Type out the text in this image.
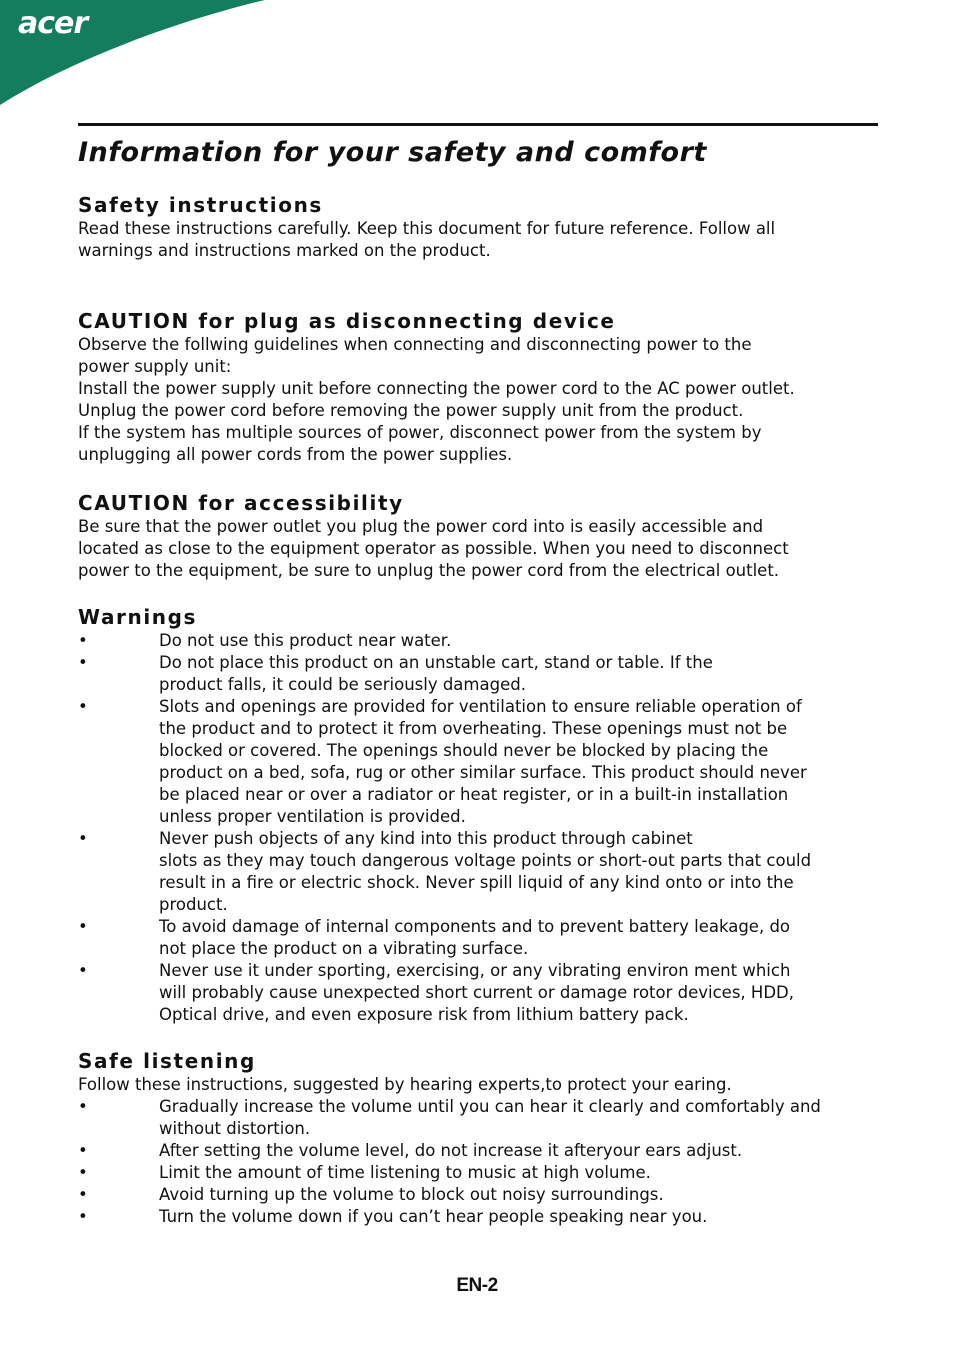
acer
Information for your safety and comfort
Safety instructions

Read these instructions carefully. Keep this document for future reference. Follow all

warnings and instructions marked on the product.

CAUTION for plug as disconnecting device

Observe the follwing guidelines when connecting and disconnecting power to the

power supply unit:

Install the power supply unit before connecting the power cord to the AC power outlet.

Unplug the power cord before removing the power supply unit from the product.

If the system has multiple sources of power, disconnect power from the system by

unplugging all power cords from the power supplies.

CAUTION for accessibility

Be sure that the power outlet you plug the power cord into is easily accessible and

located as close to the equipment operator as possible. When you need to disconnect

power to the equipment, be sure to unplug the power cord from the electrical outlet.

Warnings
•	Do not use this product near water.
•	Do not place this product on an unstable cart, stand or table. If the
product falls, it could be seriously damaged.
•	Slots and openings are provided for ventilation to ensure reliable operation of
the product and to protect it from overheating. These openings must not be
blocked or covered. The openings should never be blocked by placing the
product on a bed, sofa, rug or other similar surface. This product should never
be placed near or over a radiator or heat register, or in a built-in installation
unless proper ventilation is provided.
•	Never push objects of any kind into this product through cabinet
slots as they may touch dangerous voltage points or short-out parts that could
result in a fire or electric shock. Never spill liquid of any kind onto or into the
product.
•	To avoid damage of internal components and to prevent battery leakage, do
not place the product on a vibrating surface.
•	Never use it under sporting, exercising, or any vibrating environ ment which
will probably cause unexpected short current or damage rotor devices, HDD,
Optical drive, and even exposure risk from lithium battery pack.
Safe listening

Follow these instructions, suggested by hearing experts,to protect your earing.

•	Gradually increase the volume until you can hear it clearly and comfortably and
without distortion.
•	After setting the volume level, do not increase it afteryour ears adjust.
•	Limit the amount of time listening to music at high volume.
•	Avoid turning up the volume to block out noisy surroundings.
•	Turn the volume down if you can’t hear people speaking near you.
EN-2
